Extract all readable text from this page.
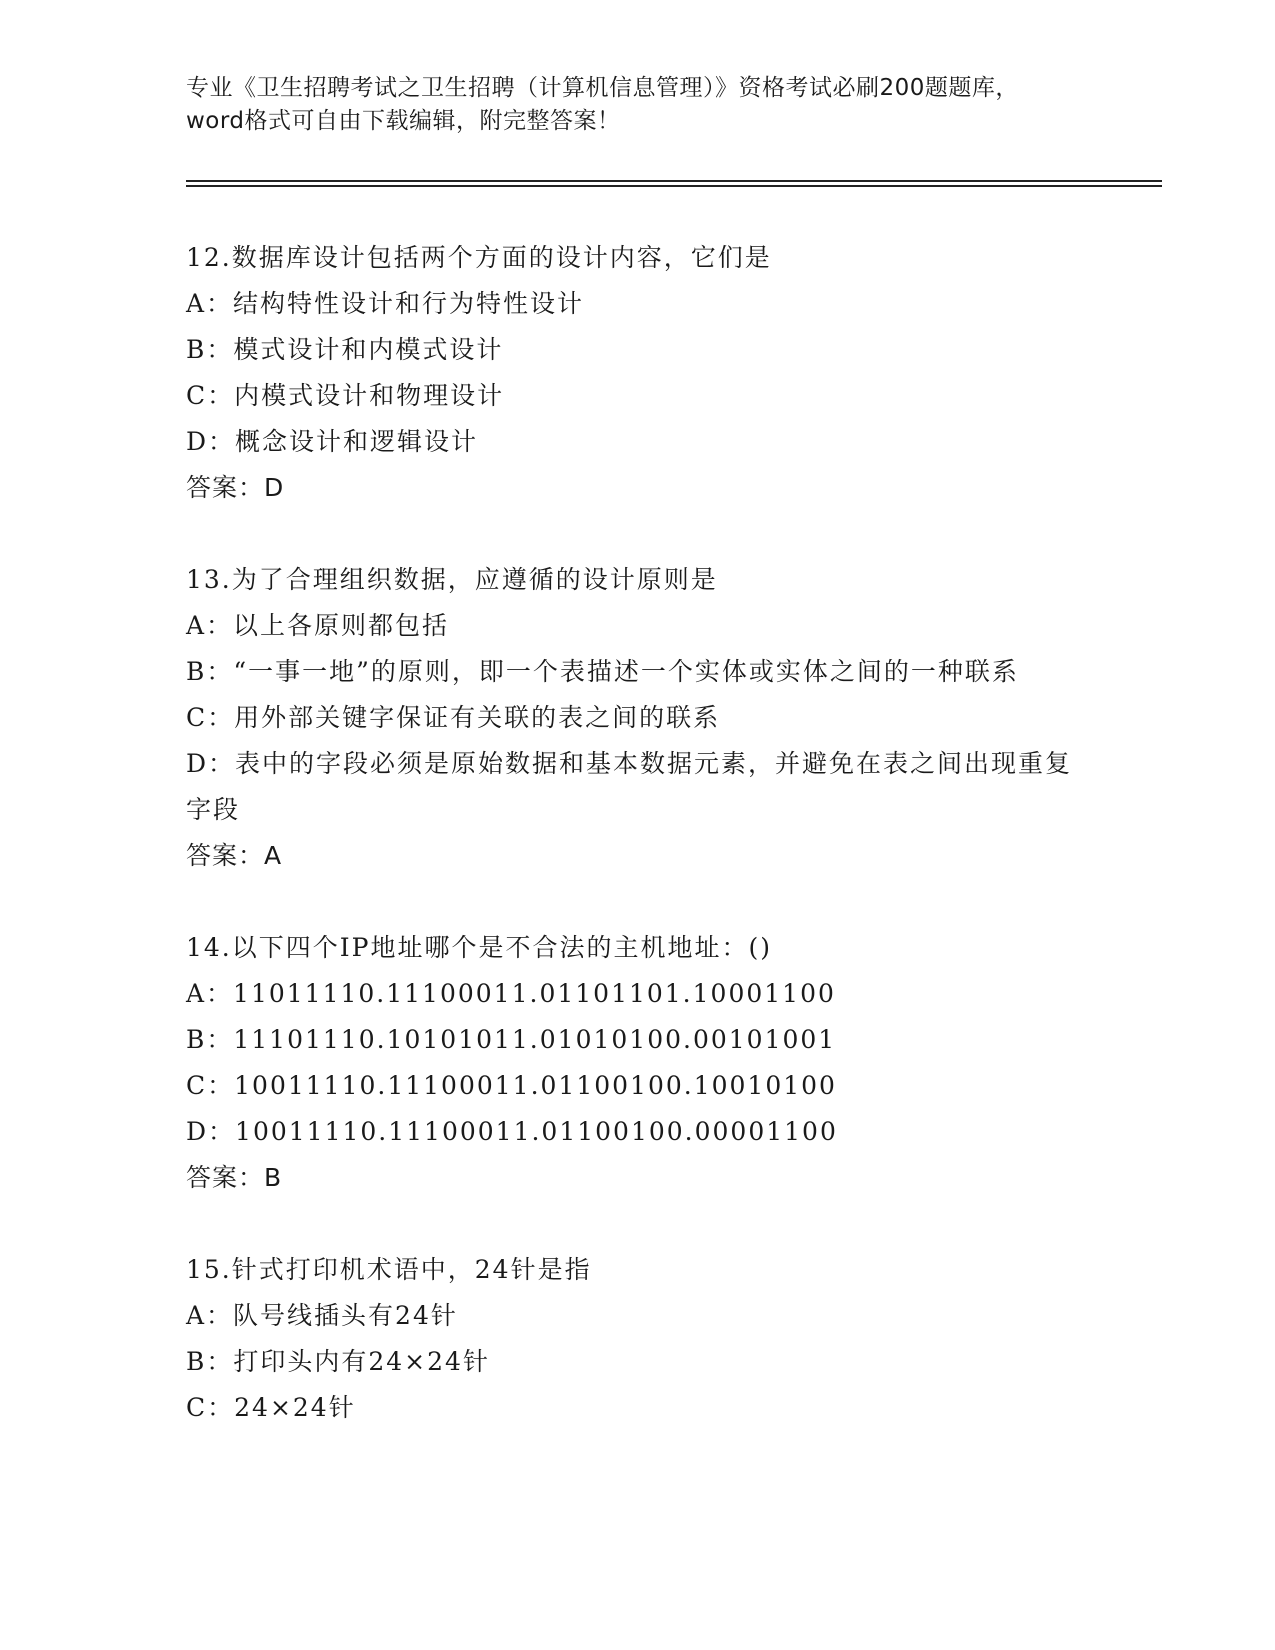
专业《卫生招聘考试之卫生招聘（计算机信息管理）》资格考试必刷200题题库，
word格式可自由下载编辑，附完整答案！
12.数据库设计包括两个方面的设计内容，它们是
A：结构特性设计和行为特性设计
B：模式设计和内模式设计
C：内模式设计和物理设计
D：概念设计和逻辑设计
答案：D
13.为了合理组织数据，应遵循的设计原则是
A：以上各原则都包括
B：“一事一地”的原则，即一个表描述一个实体或实体之间的一种联系
C：用外部关键字保证有关联的表之间的联系
D：表中的字段必须是原始数据和基本数据元素，并避免在表之间出现重复字段
答案：A
14.以下四个IP地址哪个是不合法的主机地址：()
A：11011110.11100011.01101101.10001100
B：11101110.10101011.01010100.00101001
C：10011110.11100011.01100100.10010100
D：10011110.11100011.01100100.00001100
答案：B
15.针式打印机术语中，24针是指
A：队号线插头有24针
B：打印头内有24×24针
C：24×24针
